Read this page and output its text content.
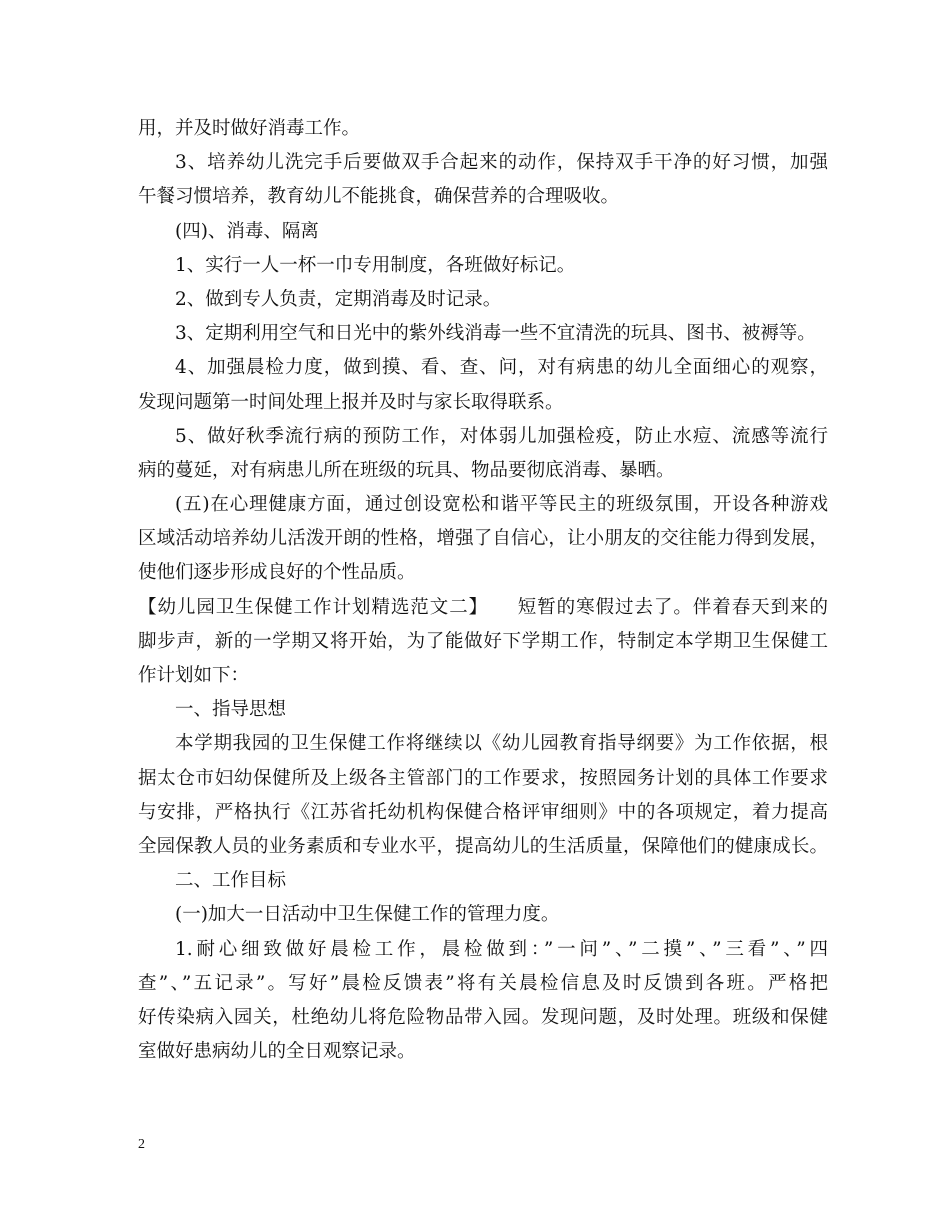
用，并及时做好消毒工作。
3、培养幼儿洗完手后要做双手合起来的动作，保持双手干净的好习惯，加强
午餐习惯培养，教育幼儿不能挑食，确保营养的合理吸收。
(四)、消毒、隔离
1、实行一人一杯一巾专用制度，各班做好标记。
2、做到专人负责，定期消毒及时记录。
3、定期利用空气和日光中的紫外线消毒一些不宜清洗的玩具、图书、被褥等。
4、加强晨检力度，做到摸、看、查、问，对有病患的幼儿全面细心的观察，
发现问题第一时间处理上报并及时与家长取得联系。
5、做好秋季流行病的预防工作，对体弱儿加强检疫，防止水痘、流感等流行
病的蔓延，对有病患儿所在班级的玩具、物品要彻底消毒、暴晒。
(五)在心理健康方面，通过创设宽松和谐平等民主的班级氛围，开设各种游戏
区域活动培养幼儿活泼开朗的性格，增强了自信心，让小朋友的交往能力得到发展，
使他们逐步形成良好的个性品质。
【幼儿园卫生保健工作计划精选范文二】　　短暂的寒假过去了。伴着春天到来的
脚步声，新的一学期又将开始，为了能做好下学期工作，特制定本学期卫生保健工
作计划如下：
一、指导思想
本学期我园的卫生保健工作将继续以《幼儿园教育指导纲要》为工作依据，根
据太仓市妇幼保健所及上级各主管部门的工作要求，按照园务计划的具体工作要求
与安排，严格执行《江苏省托幼机构保健合格评审细则》中的各项规定，着力提高
全园保教人员的业务素质和专业水平，提高幼儿的生活质量，保障他们的健康成长。
二、工作目标
(一)加大一日活动中卫生保健工作的管理力度。
1.耐心细致做好晨检工作，晨检做到：”一问”、”二摸”、”三看”、”四
查”、”五记录”。写好”晨检反馈表”将有关晨检信息及时反馈到各班。严格把
好传染病入园关，杜绝幼儿将危险物品带入园。发现问题，及时处理。班级和保健
室做好患病幼儿的全日观察记录。
2
